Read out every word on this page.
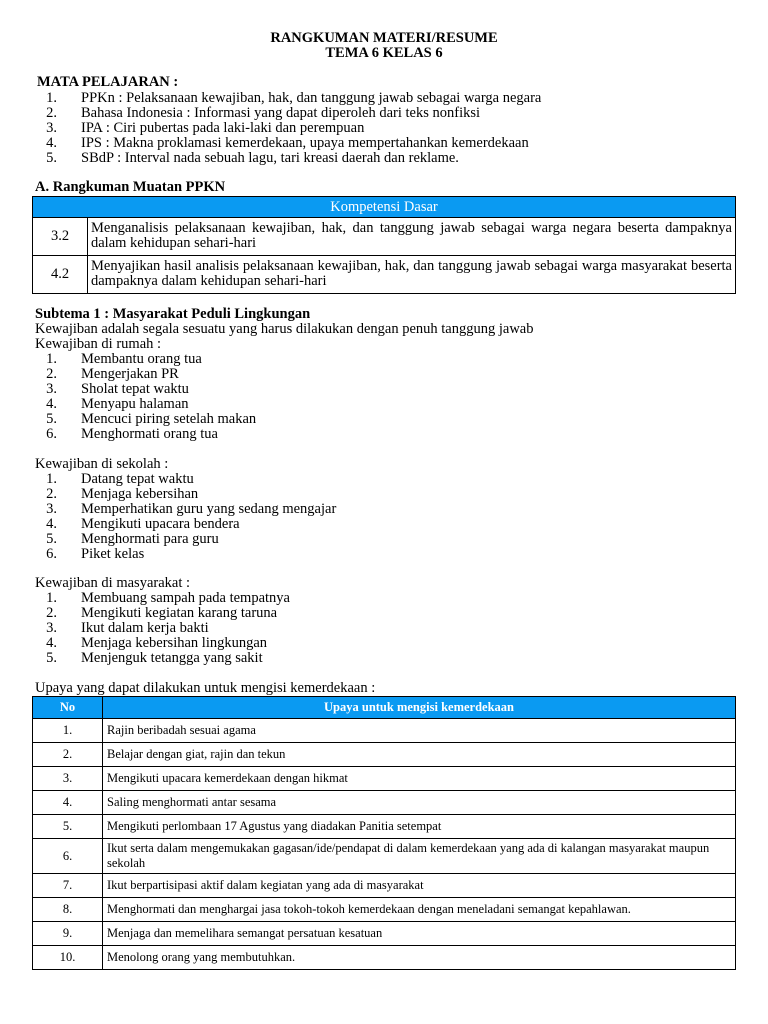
RANGKUMAN MATERI/RESUME
TEMA 6 KELAS 6
MATA PELAJARAN :
1. PPKn : Pelaksanaan kewajiban, hak, dan tanggung jawab sebagai warga negara
2. Bahasa Indonesia : Informasi yang dapat diperoleh dari teks nonfiksi
3. IPA : Ciri pubertas pada laki-laki dan perempuan
4. IPS : Makna proklamasi kemerdekaan, upaya mempertahankan kemerdekaan
5. SBdP : Interval nada sebuah lagu, tari kreasi daerah dan reklame.
A. Rangkuman Muatan PPKN
Kompetensi Dasar	
3.2	Menganalisis pelaksanaan kewajiban, hak, dan tanggung jawab sebagai warga negara beserta dampaknya dalam kehidupan sehari-hari
4.2	Menyajikan hasil analisis pelaksanaan kewajiban, hak, dan tanggung jawab sebagai warga masyarakat beserta dampaknya dalam kehidupan sehari-hari
Subtema 1 : Masyarakat Peduli Lingkungan
Kewajiban adalah segala sesuatu yang harus dilakukan dengan penuh tanggung jawab
Kewajiban di rumah :
1. Membantu orang tua
2. Mengerjakan PR
3. Sholat tepat waktu
4. Menyapu halaman
5. Mencuci piring setelah makan
6. Menghormati orang tua
Kewajiban di sekolah :
1. Datang tepat waktu
2. Menjaga kebersihan
3. Memperhatikan guru yang sedang mengajar
4. Mengikuti upacara bendera
5. Menghormati para guru
6. Piket kelas
Kewajiban di masyarakat :
1. Membuang sampah pada tempatnya
2. Mengikuti kegiatan karang taruna
3. Ikut dalam kerja bakti
4. Menjaga kebersihan lingkungan
5. Menjenguk tetangga yang sakit
Upaya yang dapat dilakukan untuk mengisi kemerdekaan :
No	Upaya untuk mengisi kemerdekaan
1.	Rajin beribadah sesuai agama
2.	Belajar dengan giat, rajin dan tekun
3.	Mengikuti upacara kemerdekaan dengan hikmat
4.	Saling menghormati antar sesama
5.	Mengikuti perlombaan 17 Agustus yang diadakan Panitia setempat
6.	Ikut serta dalam mengemukakan gagasan/ide/pendapat di dalam kemerdekaan yang ada di kalangan masyarakat maupun sekolah
7.	Ikut berpartisipasi aktif dalam kegiatan yang ada di masyarakat
8.	Menghormati dan menghargai jasa tokoh-tokoh kemerdekaan dengan meneladani semangat kepahlawan.
9.	Menjaga dan memelihara semangat persatuan kesatuan
10.	Menolong orang yang membutuhkan.
